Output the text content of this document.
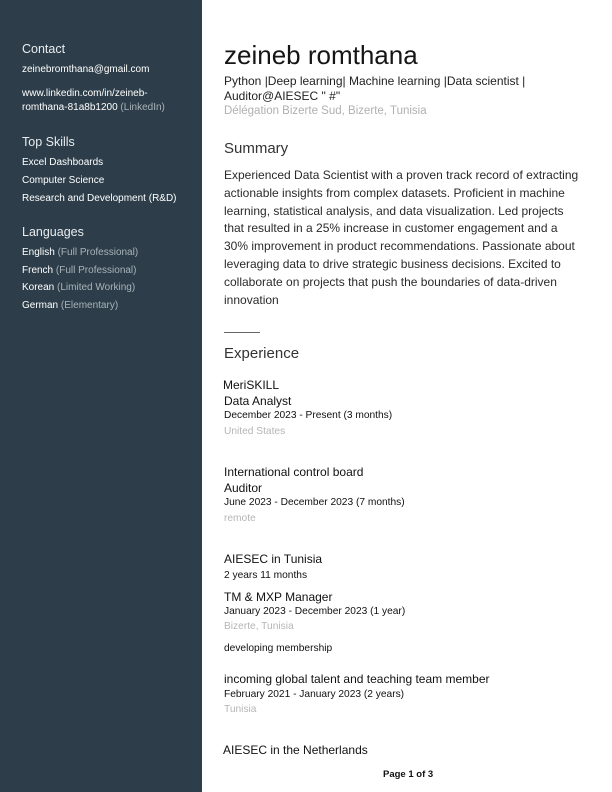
Contact
zeinebromthana@gmail.com
www.linkedin.com/in/zeineb-
romthana-81a8b1200 (LinkedIn)
Top Skills
Excel Dashboards
Computer Science
Research and Development (R&D)
Languages
English (Full Professional)
French (Full Professional)
Korean (Limited Working)
German (Elementary)
zeineb romthana
Python |Deep learning| Machine learning |Data scientist | Auditor@AIESEC " #"
Délégation Bizerte Sud, Bizerte, Tunisia
Summary
Experienced Data Scientist with a proven track record of extracting actionable insights from complex datasets. Proficient in machine learning, statistical analysis, and data visualization. Led projects that resulted in a 25% increase in customer engagement and a 30% improvement in product recommendations. Passionate about leveraging data to drive strategic business decisions. Excited to collaborate on projects that push the boundaries of data-driven innovation
Experience
MeriSKILL
Data Analyst
December 2023 - Present (3 months)
United States
International control board
Auditor
June 2023 - December 2023 (7 months)
remote
AIESEC in Tunisia
2 years 11 months
TM & MXP Manager
January 2023 - December 2023 (1 year)
Bizerte, Tunisia
developing membership
incoming global talent and teaching team member
February 2021 - January 2023 (2 years)
Tunisia
AIESEC in the Netherlands
Page 1 of 3
